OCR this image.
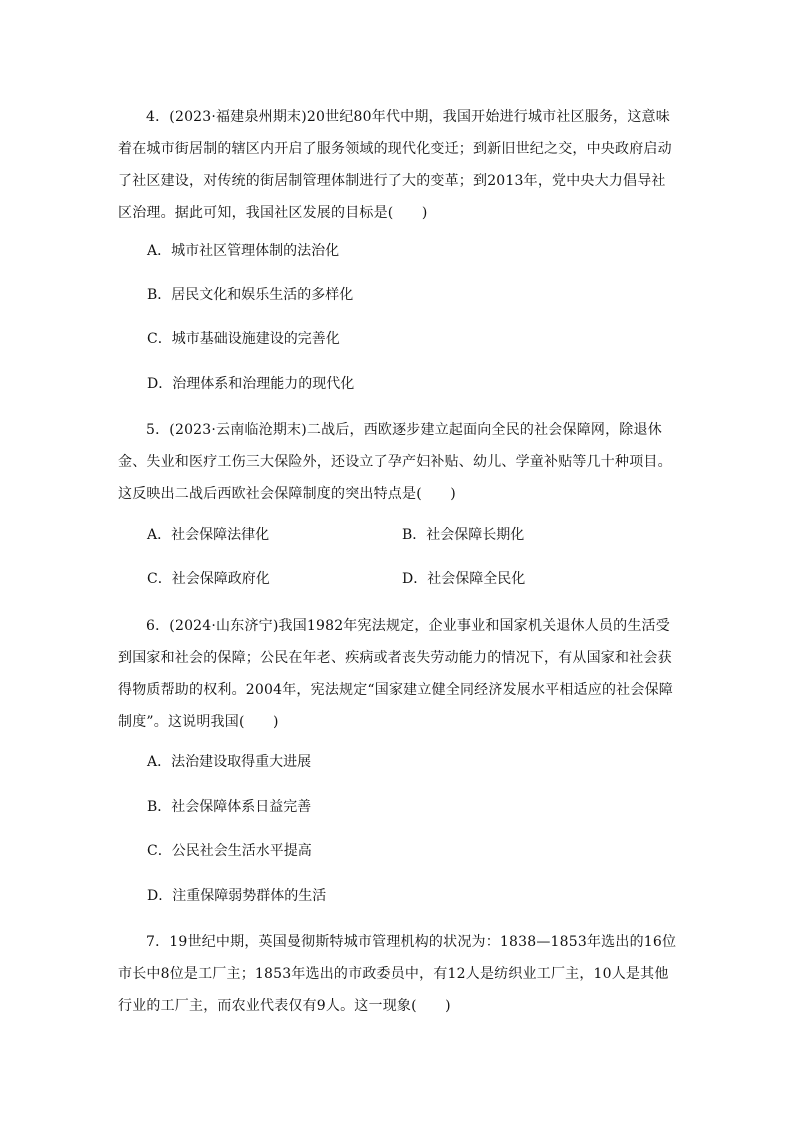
4．(2023·福建泉州期末)20世纪80年代中期，我国开始进行城市社区服务，这意味着在城市街居制的辖区内开启了服务领域的现代化变迁；到新旧世纪之交，中央政府启动了社区建设，对传统的街居制管理体制进行了大的变革；到2013年，党中央大力倡导社区治理。据此可知，我国社区发展的目标是(　　)
A．城市社区管理体制的法治化
B．居民文化和娱乐生活的多样化
C．城市基础设施建设的完善化
D．治理体系和治理能力的现代化
5．(2023·云南临沧期末)二战后，西欧逐步建立起面向全民的社会保障网，除退休金、失业和医疗工伤三大保险外，还设立了孕产妇补贴、幼儿、学童补贴等几十种项目。这反映出二战后西欧社会保障制度的突出特点是(　　)
A．社会保障法律化	B．社会保障长期化
C．社会保障政府化	D．社会保障全民化
6．(2024·山东济宁)我国1982年宪法规定，企业事业和国家机关退休人员的生活受到国家和社会的保障；公民在年老、疾病或者丧失劳动能力的情况下，有从国家和社会获得物质帮助的权利。2004年，宪法规定“国家建立健全同经济发展水平相适应的社会保障制度”。这说明我国(　　)
A．法治建设取得重大进展
B．社会保障体系日益完善
C．公民社会生活水平提高
D．注重保障弱势群体的生活
7．19世纪中期，英国曼彻斯特城市管理机构的状况为：1838—1853年选出的16位市长中8位是工厂主；1853年选出的市政委员中，有12人是纺织业工厂主，10人是其他行业的工厂主，而农业代表仅有9人。这一现象(　　)
